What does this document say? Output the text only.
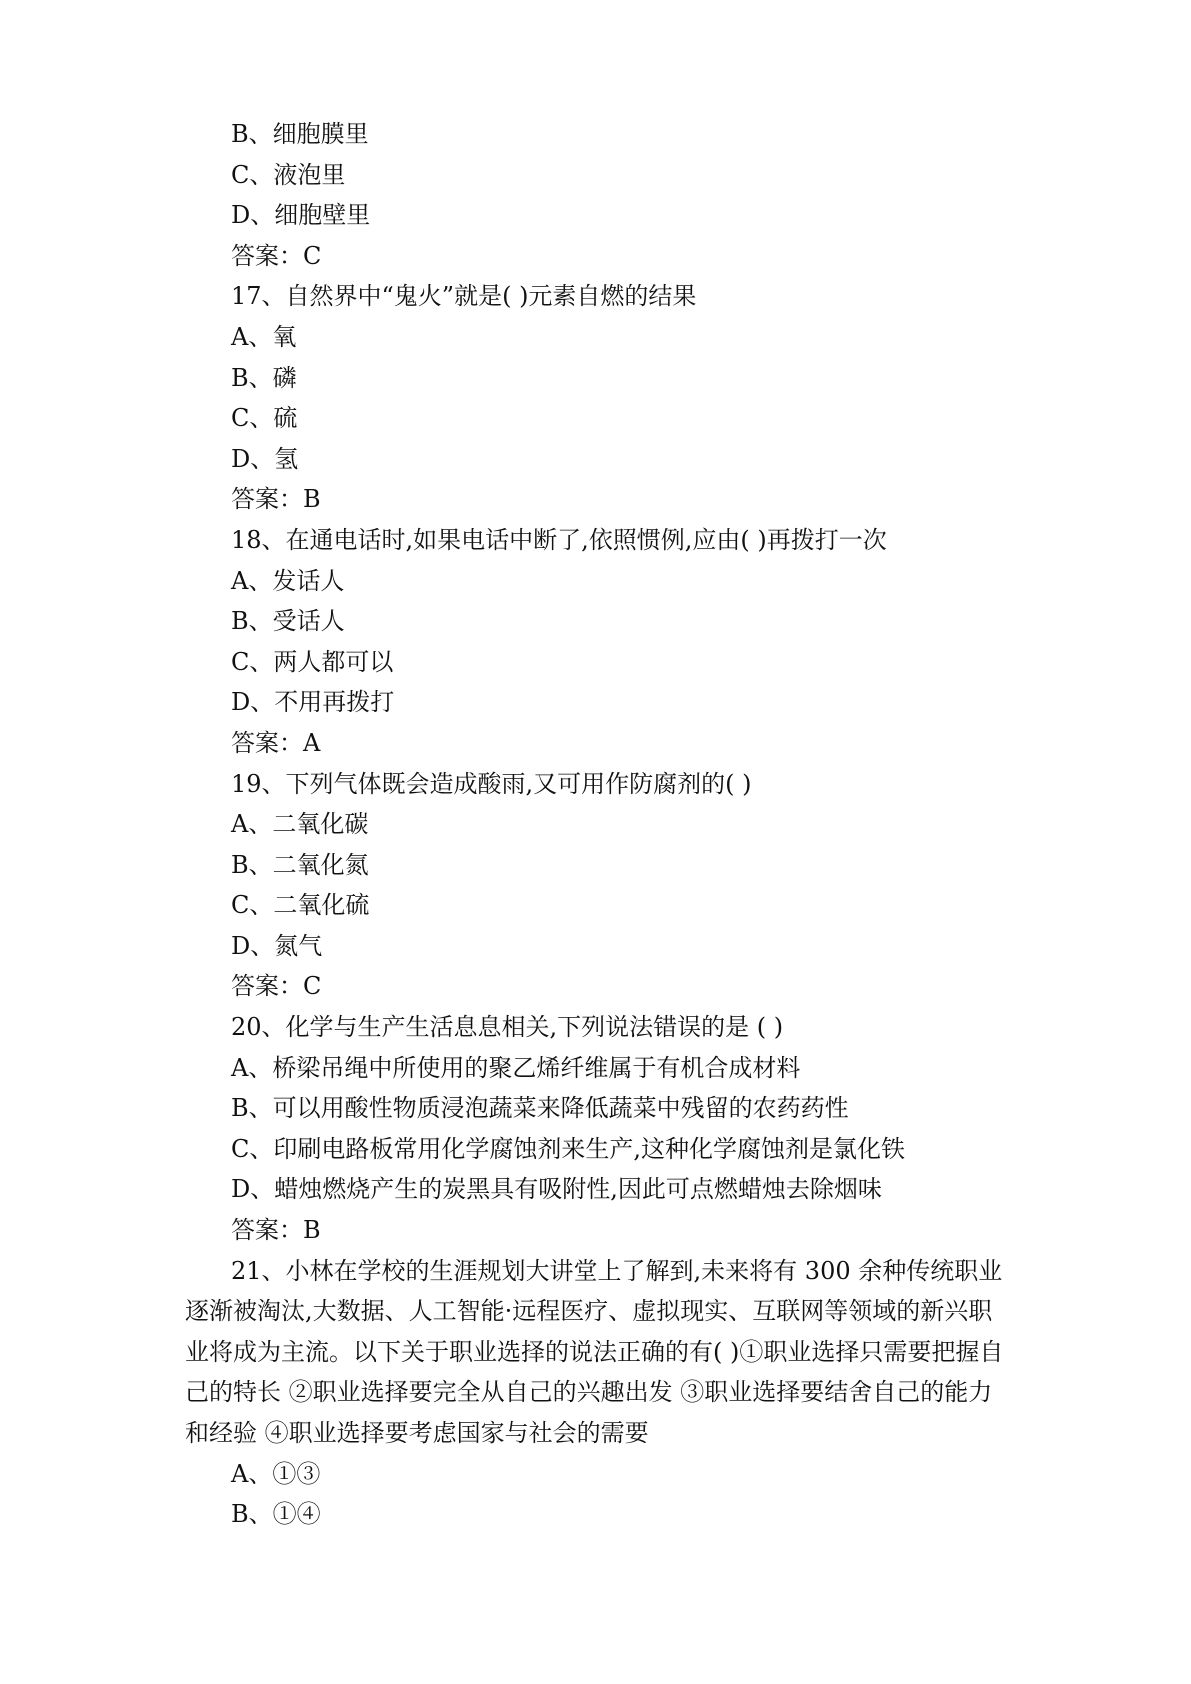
B、细胞膜里
C、液泡里
D、细胞壁里
答案：C
17、自然界中“鬼火”就是( )元素自燃的结果
A、氧
B、磷
C、硫
D、氢
答案：B
18、在通电话时,如果电话中断了,依照惯例,应由( )再拨打一次
A、发话人
B、受话人
C、两人都可以
D、不用再拨打
答案：A
19、下列气体既会造成酸雨,又可用作防腐剂的( )
A、二氧化碳
B、二氧化氮
C、二氧化硫
D、氮气
答案：C
20、化学与生产生活息息相关,下列说法错误的是 ( )
A、桥梁吊绳中所使用的聚乙烯纤维属于有机合成材料
B、可以用酸性物质浸泡蔬菜来降低蔬菜中残留的农药药性
C、印刷电路板常用化学腐蚀剂来生产,这种化学腐蚀剂是氯化铁
D、蜡烛燃烧产生的炭黑具有吸附性,因此可点燃蜡烛去除烟味
答案：B
21、小林在学校的生涯规划大讲堂上了解到,未来将有 300 余种传统职业逐渐被淘汰,大数据、人工智能·远程医疗、虚拟现实、互联网等领域的新兴职业将成为主流。以下关于职业选择的说法正确的有( )①职业选择只需要把握自己的特长 ②职业选择要完全从自己的兴趣出发 ③职业选择要结舍自己的能力和经验 ④职业选择要考虑国家与社会的需要
A、①③
B、①④
